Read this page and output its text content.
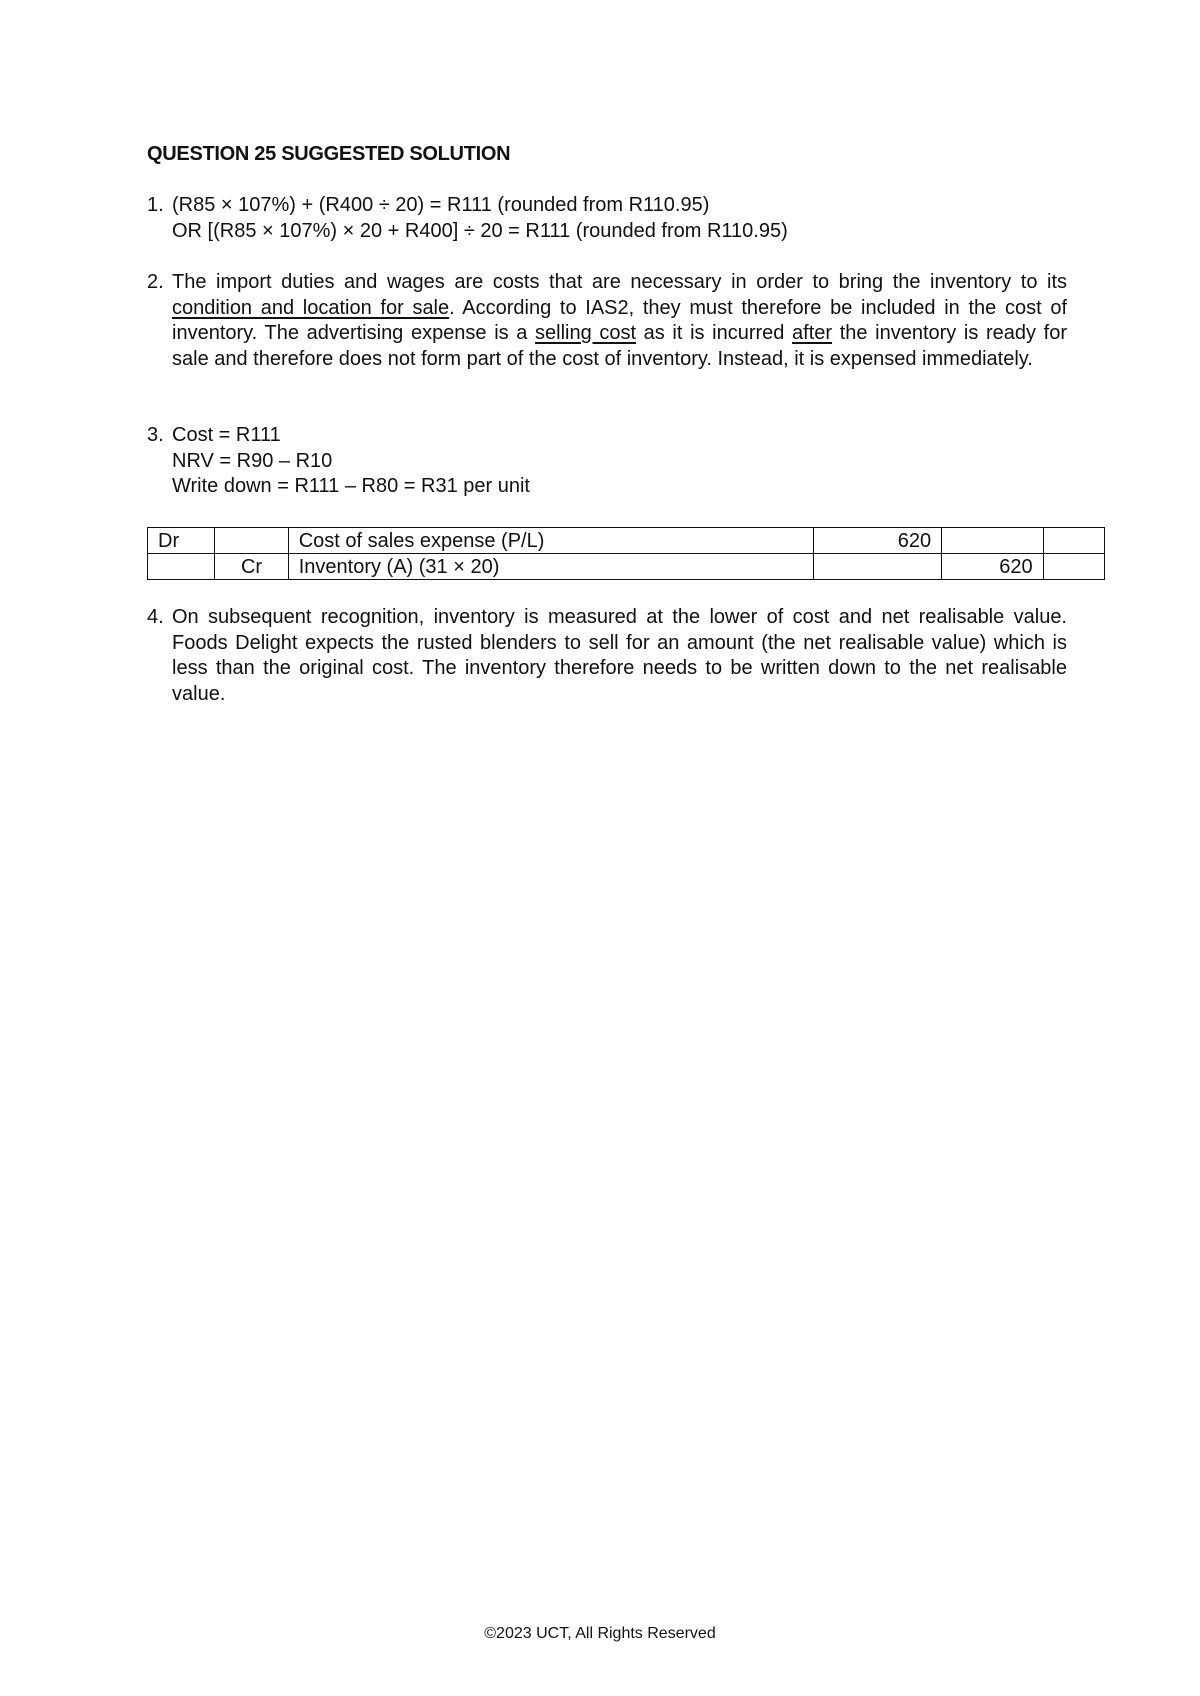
QUESTION 25 SUGGESTED SOLUTION
1. (R85 × 107%) + (R400 ÷ 20) = R111 (rounded from R110.95)
OR [(R85 × 107%) × 20 + R400] ÷ 20 = R111 (rounded from R110.95)
2. The import duties and wages are costs that are necessary in order to bring the inventory to its condition and location for sale. According to IAS2, they must therefore be included in the cost of inventory. The advertising expense is a selling cost as it is incurred after the inventory is ready for sale and therefore does not form part of the cost of inventory. Instead, it is expensed immediately.
3. Cost = R111
NRV = R90 – R10
Write down = R111 – R80 = R31 per unit
Dr		Cost of sales expense (P/L)	620		
	Cr	Inventory (A) (31 × 20)		620	
4. On subsequent recognition, inventory is measured at the lower of cost and net realisable value. Foods Delight expects the rusted blenders to sell for an amount (the net realisable value) which is less than the original cost. The inventory therefore needs to be written down to the net realisable value.
©2023 UCT, All Rights Reserved
